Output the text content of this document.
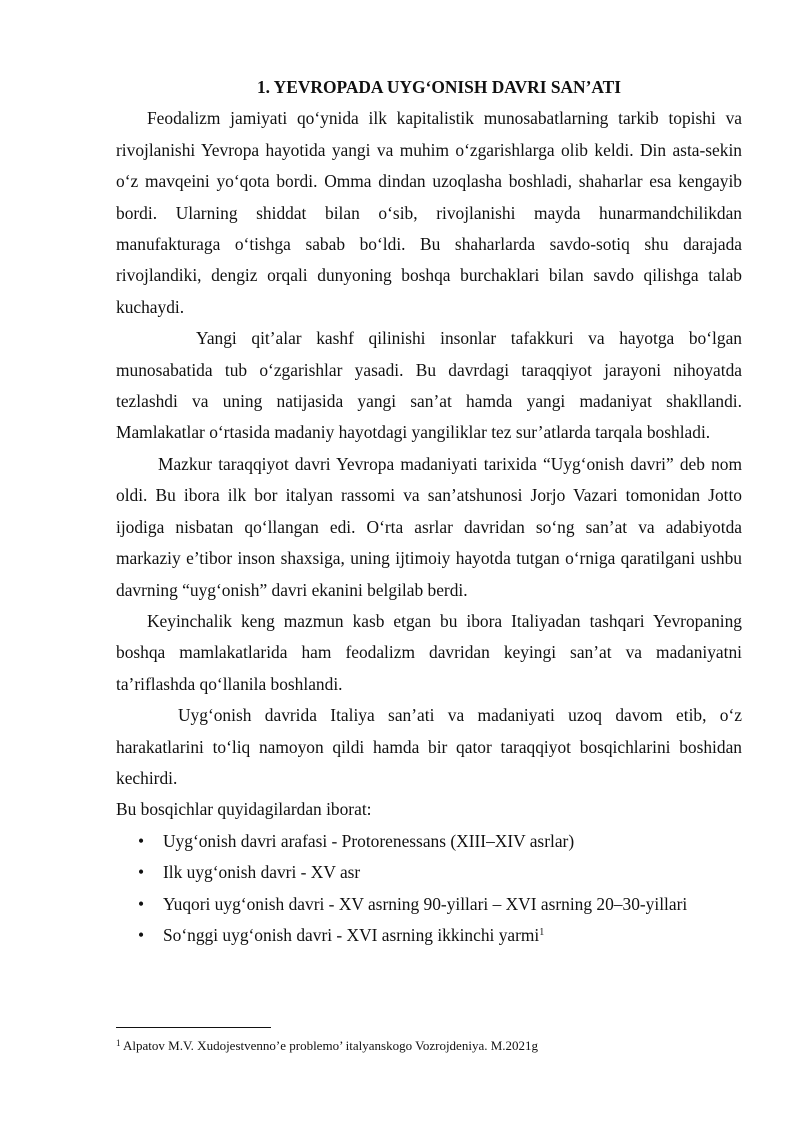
1. YEVROPADA UYG‘ONISH DAVRI SAN’ATI

Feodalizm jamiyati qo‘ynida ilk kapitalistik munosabatlarning tarkib topishi va rivojlanishi Yevropa hayotida yangi va muhim o‘zgarishlarga olib keldi. Din asta-sekin o‘z mavqeini yo‘qota bordi. Omma dindan uzoqlasha boshladi, shaharlar esa kengayib bordi. Ularning shiddat bilan o‘sib, rivojlanishi mayda hunarmandchilikdan manufakturaga o‘tishga sabab bo‘ldi. Bu shaharlarda savdo-sotiq shu darajada rivojlandiki, dengiz orqali dunyoning boshqa burchaklari bilan savdo qilishga talab kuchaydi.

Yangi qit’alar kashf qilinishi insonlar tafakkuri va hayotga bo‘lgan munosabatida tub o‘zgarishlar yasadi. Bu davrdagi taraqqiyot jarayoni nihoyatda tezlashdi va uning natijasida yangi san’at hamda yangi madaniyat shakllandi. Mamlakatlar o‘rtasida madaniy hayotdagi yangiliklar tez sur’atlarda tarqala boshladi.

Mazkur taraqqiyot davri Yevropa madaniyati tarixida “Uyg‘onish davri” deb nom oldi. Bu ibora ilk bor italyan rassomi va san’atshunosi Jorjo Vazari tomonidan Jotto ijodiga nisbatan qo‘llangan edi. O‘rta asrlar davridan so‘ng san’at va adabiyotda markaziy e’tibor inson shaxsiga, uning ijtimoiy hayotda tutgan o‘rniga qaratilgani ushbu davrning “uyg‘onish” davri ekanini belgilab berdi.

Keyinchalik keng mazmun kasb etgan bu ibora Italiyadan tashqari Yevropaning boshqa mamlakatlarida ham feodalizm davridan keyingi san’at va madaniyatni ta’riflashda qo‘llanila boshlandi.

Uyg‘onish davrida Italiya san’ati va madaniyati uzoq davom etib, o‘z harakatlarini to‘liq namoyon qildi hamda bir qator taraqqiyot bosqichlarini boshidan kechirdi.

Bu bosqichlar quyidagilardan iborat:

• Uyg‘onish davri arafasi - Protorenessans (XIII–XIV asrlar)
• Ilk uyg‘onish davri - XV asr
• Yuqori uyg‘onish davri - XV asrning 90-yillari – XVI asrning 20–30-yillari
• So‘nggi uyg‘onish davri - XVI asrning ikkinchi yarmi$^1$
$^1$ Alpatov M.V. Xudojestvenno’e problemo’ italyanskogo Vozrojdeniya. M.2021g
